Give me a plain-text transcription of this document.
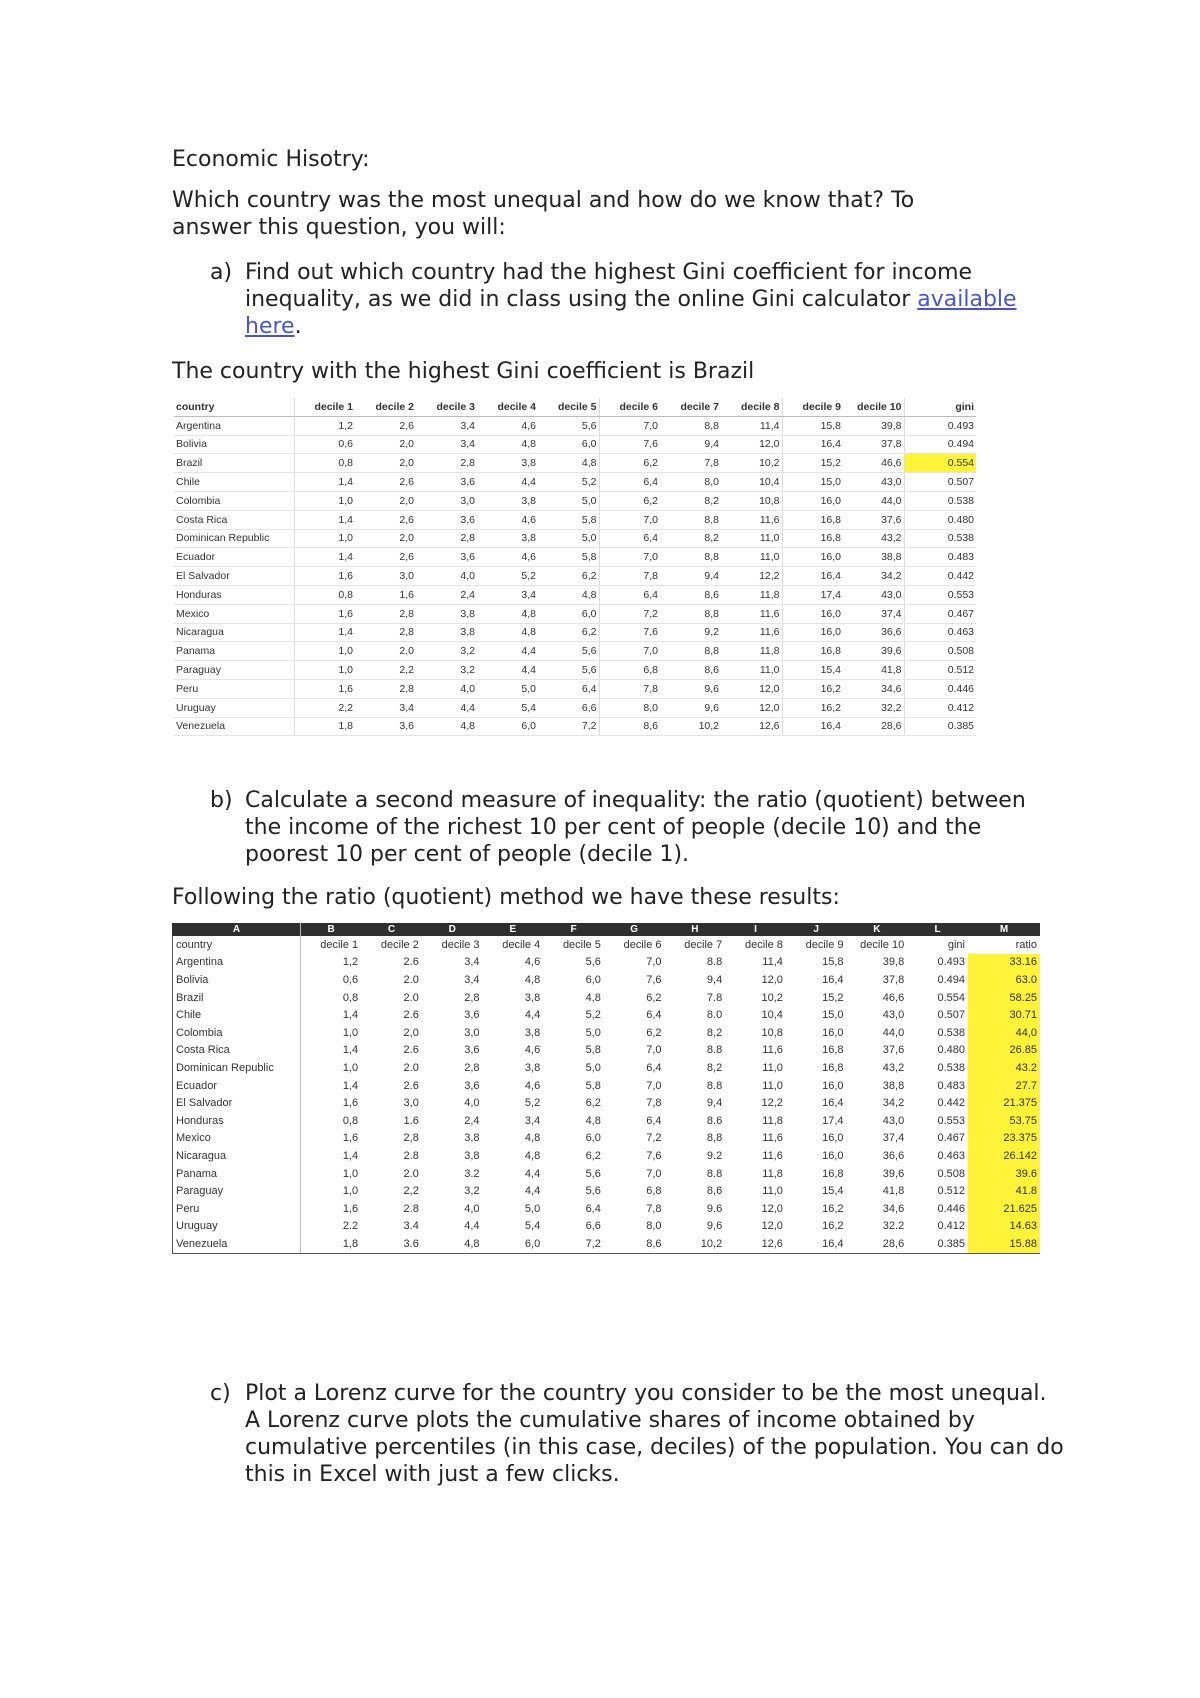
Economic Hisotry:

Which country was the most unequal and how do we know that? To answer this question, you will:

a) Find out which country had the highest Gini coefficient for income inequality, as we did in class using the online Gini calculator available here.

The country with the highest Gini coefficient is Brazil

country	decile 1	decile 2	decile 3	decile 4	decile 5	decile 6	decile 7	decile 8	decile 9	decile 10	gini
Argentina	1,2	2,6	3,4	4,6	5,6	7,0	8,8	11,4	15,8	39,8	0.493
Bolivia	0,6	2,0	3,4	4,8	6,0	7,6	9,4	12,0	16,4	37,8	0.494
Brazil	0,8	2,0	2,8	3,8	4,8	6,2	7,8	10,2	15,2	46,6	0.554
Chile	1,4	2,6	3,6	4,4	5,2	6,4	8,0	10,4	15,0	43,0	0.507
Colombia	1,0	2,0	3,0	3,8	5,0	6,2	8,2	10,8	16,0	44,0	0.538
Costa Rica	1,4	2,6	3,6	4,6	5,8	7,0	8,8	11,6	16,8	37,6	0.480
Dominican Republic	1,0	2,0	2,8	3,8	5,0	6,4	8,2	11,0	16,8	43,2	0.538
Ecuador	1,4	2,6	3,6	4,6	5,8	7,0	8,8	11,0	16,0	38,8	0.483
El Salvador	1,6	3,0	4,0	5,2	6,2	7,8	9,4	12,2	16,4	34,2	0.442
Honduras	0,8	1,6	2,4	3,4	4,8	6,4	8,6	11,8	17,4	43,0	0.553
Mexico	1,6	2,8	3,8	4,8	6,0	7,2	8,8	11,6	16,0	37,4	0.467
Nicaragua	1,4	2,8	3,8	4,8	6,2	7,6	9,2	11,6	16,0	36,6	0.463
Panama	1,0	2,0	3,2	4,4	5,6	7,0	8,8	11,8	16,8	39,6	0.508
Paraguay	1,0	2,2	3,2	4,4	5,6	6,8	8,6	11,0	15,4	41,8	0.512
Peru	1,6	2,8	4,0	5,0	6,4	7,8	9,6	12,0	16,2	34,6	0.446
Uruguay	2,2	3,4	4,4	5,4	6,6	8,0	9,6	12,0	16,2	32,2	0.412
Venezuela	1,8	3,6	4,8	6,0	7,2	8,6	10,2	12,6	16,4	28,6	0.385
b) Calculate a second measure of inequality: the ratio (quotient) between the income of the richest 10 per cent of people (decile 10) and the poorest 10 per cent of people (decile 1).

Following the ratio (quotient) method we have these results:

A	B	C	D	E	F	G	H	I	J	K	L	M
country	decile 1	decile 2	decile 3	decile 4	decile 5	decile 6	decile 7	decile 8	decile 9	decile 10	gini	ratio
Argentina	1,2	2.6	3,4	4,6	5,6	7,0	8.8	11,4	15,8	39,8	0.493	33.16
Bolivia	0,6	2.0	3,4	4,8	6,0	7,6	9,4	12,0	16,4	37,8	0.494	63.0
Brazil	0,8	2.0	2,8	3,8	4,8	6,2	7.8	10,2	15,2	46,6	0.554	58.25
Chile	1,4	2.6	3,6	4,4	5,2	6,4	8.0	10,4	15,0	43,0	0.507	30.71
Colombia	1,0	2,0	3,0	3,8	5,0	6,2	8,2	10,8	16,0	44,0	0.538	44,0
Costa Rica	1,4	2.6	3,6	4,6	5,8	7,0	8.8	11,6	16,8	37,6	0.480	26.85
Dominican Republic	1,0	2.0	2,8	3,8	5,0	6,4	8,2	11,0	16,8	43,2	0.538	43.2
Ecuador	1,4	2.6	3,6	4,6	5,8	7,0	8.8	11,0	16,0	38,8	0.483	27.7
El Salvador	1,6	3,0	4,0	5,2	6,2	7,8	9,4	12,2	16,4	34,2	0.442	21.375
Honduras	0,8	1.6	2,4	3,4	4,8	6,4	8.6	11,8	17,4	43,0	0.553	53.75
Mexico	1,6	2,8	3,8	4,8	6,0	7,2	8,8	11,6	16,0	37,4	0.467	23.375
Nicaragua	1,4	2.8	3,8	4,8	6,2	7,6	9.2	11,6	16,0	36,6	0.463	26.142
Panama	1,0	2.0	3.2	4,4	5,6	7,0	8.8	11,8	16,8	39,6	0.508	39.6
Paraguay	1,0	2,2	3,2	4,4	5,6	6,8	8,6	11,0	15,4	41,8	0.512	41.8
Peru	1,6	2.8	4,0	5,0	6,4	7,8	9.6	12,0	16,2	34,6	0.446	21.625
Uruguay	2.2	3.4	4,4	5,4	6,6	8,0	9,6	12,0	16,2	32.2	0.412	14.63
Venezuela	1,8	3.6	4,8	6,0	7,2	8,6	10,2	12,6	16,4	28,6	0.385	15.88
c) Plot a Lorenz curve for the country you consider to be the most unequal. A Lorenz curve plots the cumulative shares of income obtained by cumulative percentiles (in this case, deciles) of the population. You can do this in Excel with just a few clicks.
